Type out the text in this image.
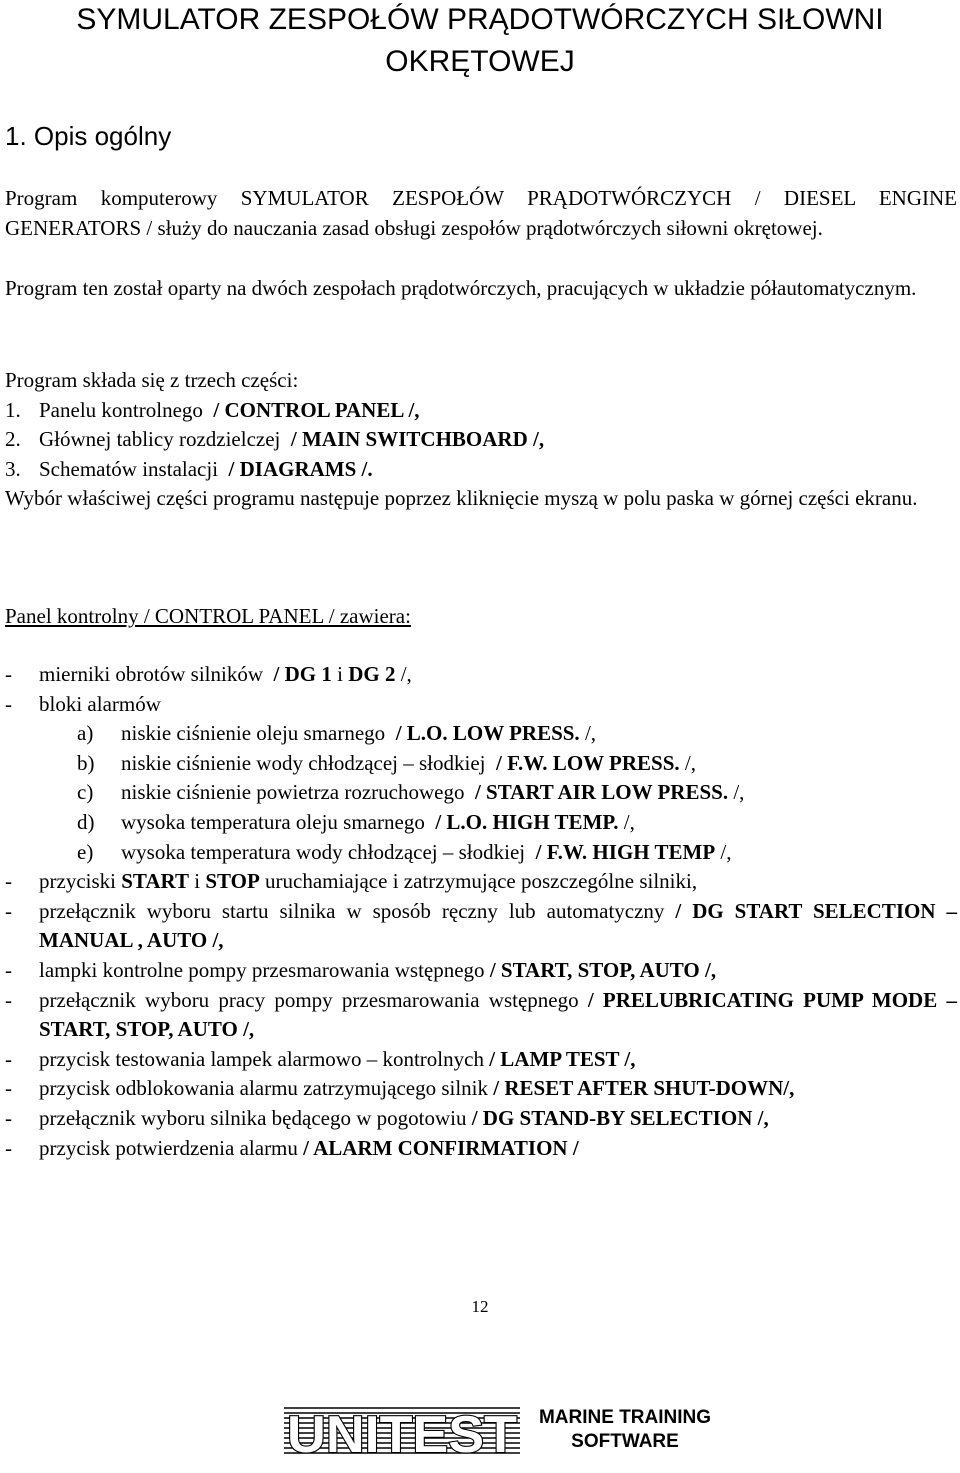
SYMULATOR ZESPOŁÓW PRĄDOTWÓRCZYCH SIŁOWNI
OKRĘTOWEJ
1. Opis ogólny
Program komputerowy SYMULATOR ZESPOŁÓW PRĄDOTWÓRCZYCH / DIESEL ENGINE GENERATORS / służy do nauczania zasad obsługi zespołów prądotwórczych siłowni okrętowej.
Program ten został oparty na dwóch zespołach prądotwórczych, pracujących w układzie półautomatycznym.
Program składa się z trzech części:
1. Panelu kontrolnego  / CONTROL PANEL /,
2. Głównej tablicy rozdzielczej  / MAIN SWITCHBOARD /,
3. Schematów instalacji  / DIAGRAMS /.
Wybór właściwej części programu następuje poprzez kliknięcie myszą w polu paska w górnej części ekranu.
Panel kontrolny / CONTROL PANEL / zawiera:
- mierniki obrotów silników  / DG 1 i DG 2 /,
- bloki alarmów
a) niskie ciśnienie oleju smarnego  / L.O. LOW PRESS. /,
b) niskie ciśnienie wody chłodzącej – słodkiej  / F.W. LOW PRESS. /,
c) niskie ciśnienie powietrza rozruchowego  / START AIR LOW PRESS. /,
d) wysoka temperatura oleju smarnego  / L.O. HIGH TEMP. /,
e) wysoka temperatura wody chłodzącej – słodkiej  / F.W. HIGH TEMP /,
- przyciski START i STOP uruchamiające i zatrzymujące poszczególne silniki,
- przełącznik wyboru startu silnika w sposób ręczny lub automatyczny / DG START SELECTION – MANUAL , AUTO /,
- lampki kontrolne pompy przesmarowania wstępnego / START, STOP, AUTO /,
- przełącznik wyboru pracy pompy przesmarowania wstępnego / PRELUBRICATING PUMP MODE – START, STOP, AUTO /,
- przycisk testowania lampek alarmowo – kontrolnych / LAMP TEST /,
- przycisk odblokowania alarmu zatrzymującego silnik / RESET AFTER SHUT-DOWN/,
- przełącznik wyboru silnika będącego w pogotowiu / DG STAND-BY SELECTION /,
- przycisk potwierdzenia alarmu / ALARM CONFIRMATION /
12
UNITEST	MARINE TRAINING
SOFTWARE
